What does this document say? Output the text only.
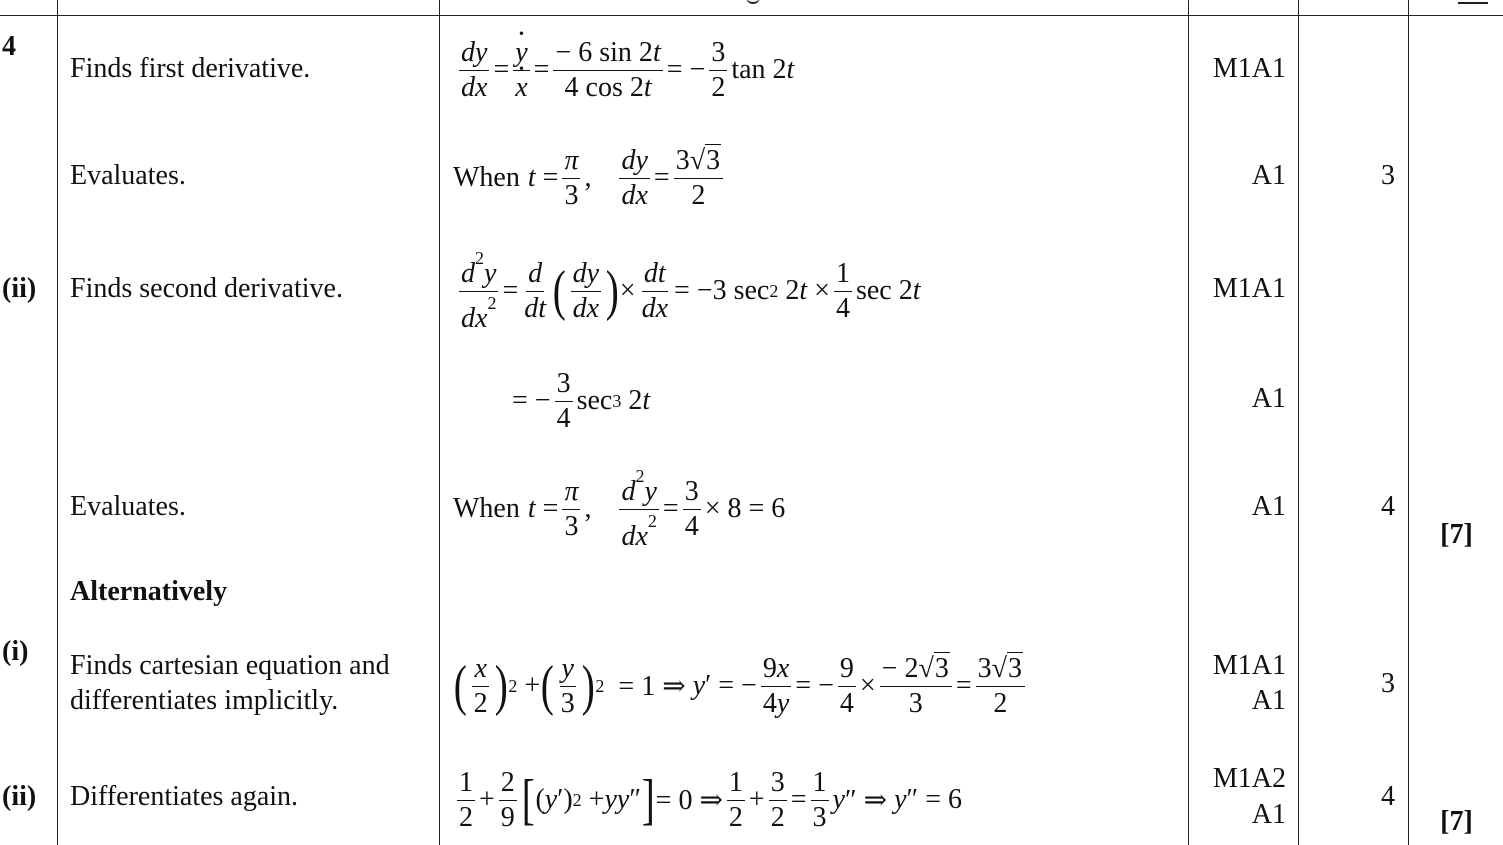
4
(ii)
(i)
(ii)
Finds first derivative.
Evaluates.
Finds second derivative.
Evaluates.
Alternatively
Finds cartesian equation and
differentiates implicitly.
Differentiates again.
M1A1
A1
M1A1
A1
A1
M1A1
A1
M1A2
A1
3
4
3
4
[7]
[7]
$\frac{dy}{dx}$ =
· y
· $x = \frac{- 6 \sin 2t}{4 \cos 2t}$ = − $\frac{3}{2}$ tan 2 t
When $t = \frac{\pi}{3}$ , $\frac{dy}{dx} = \frac{3√3}{2}$
$\frac{d^2y}{dx^2} = \frac{d}{dt}$ ( $\frac{dy}{dx}$ ) × $\frac{dt}{dx} = -3$ sec 2 2 $t \times \frac{1}{4}$ sec 2 t
= − $\frac{3}{4}$ sec 3 2 t
When $t = \frac{\pi}{3}$ , $\frac{d^2y}{dx^2} = \frac{3}{4} \times 8 = 6$
( $\frac{x}{2}$ ) 2 + ( $\frac{y}{3}$ ) 2 = 1 ⇒ y ′ = − $\frac{9x}{4y}$ = − $\frac{9}{4} \times \frac{- 2√3}{3} = \frac{3√3}{2}$
$\frac{1}{2} + \frac{2}{9}$ [ ( y ′) 2 + yy ″ ] = 0 ⇒ $\frac{1}{2} + \frac{3}{2} = \frac{1}{3}$ y ″ ⇒ y ″ = 6
